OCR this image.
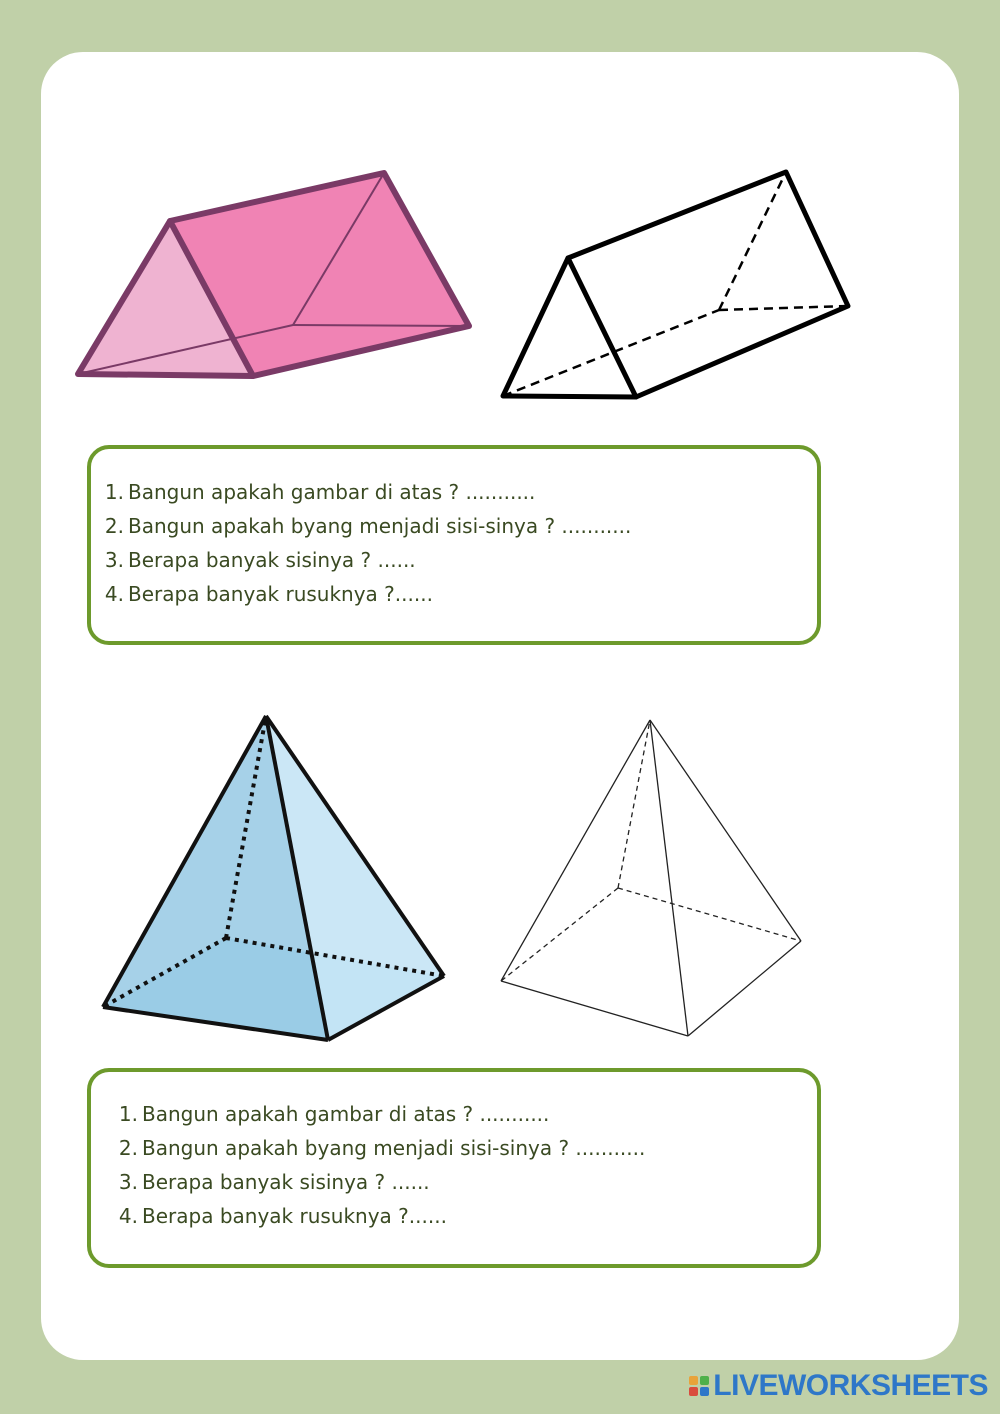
1. Bangun apakah gambar di atas ? ...........
2. Bangun apakah byang menjadi sisi-sinya ? ...........
3. Berapa banyak sisinya ? ......
4. Berapa banyak rusuknya ?......
1. Bangun apakah gambar di atas ? ...........
2. Bangun apakah byang menjadi sisi-sinya ? ...........
3. Berapa banyak sisinya ? ......
4. Berapa banyak rusuknya ?......
LIVEWORKSHEETS
